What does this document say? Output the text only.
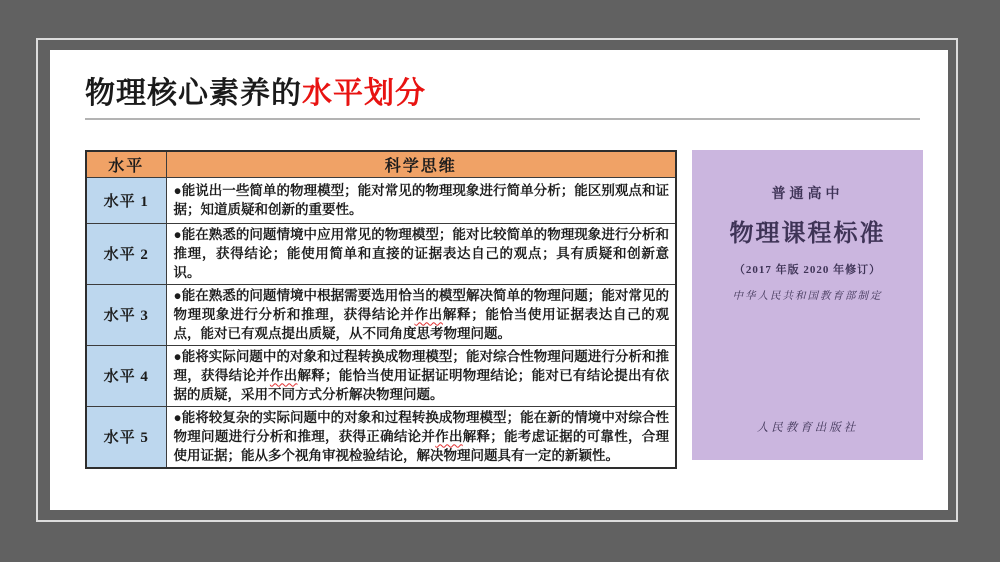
物理核心素养的水平划分
水平	科学思维
水平 1	●能说出一些简单的物理模型；能对常见的物理现象进行简单分析；能区别观点和证据；知道质疑和创新的重要性。
水平 2	●能在熟悉的问题情境中应用常见的物理模型；能对比较简单的物理现象进行分析和推理，获得结论；能使用简单和直接的证据表达自己的观点；具有质疑和创新意识。
水平 3	●能在熟悉的问题情境中根据需要选用恰当的模型解决简单的物理问题；能对常见的物理现象进行分析和推理，获得结论并作出解释；能恰当使用证据表达自己的观点，能对已有观点提出质疑，从不同角度思考物理问题。
水平 4	●能将实际问题中的对象和过程转换成物理模型；能对综合性物理问题进行分析和推理，获得结论并作出解释；能恰当使用证据证明物理结论；能对已有结论提出有依据的质疑，采用不同方式分析解决物理问题。
水平 5	●能将较复杂的实际问题中的对象和过程转换成物理模型；能在新的情境中对综合性物理问题进行分析和推理，获得正确结论并作出解释；能考虑证据的可靠性，合理使用证据；能从多个视角审视检验结论，解决物理问题具有一定的新颖性。
普通高中
物理课程标准
（2017 年版 2020 年修订）
中华人民共和国教育部制定
人民教育出版社
